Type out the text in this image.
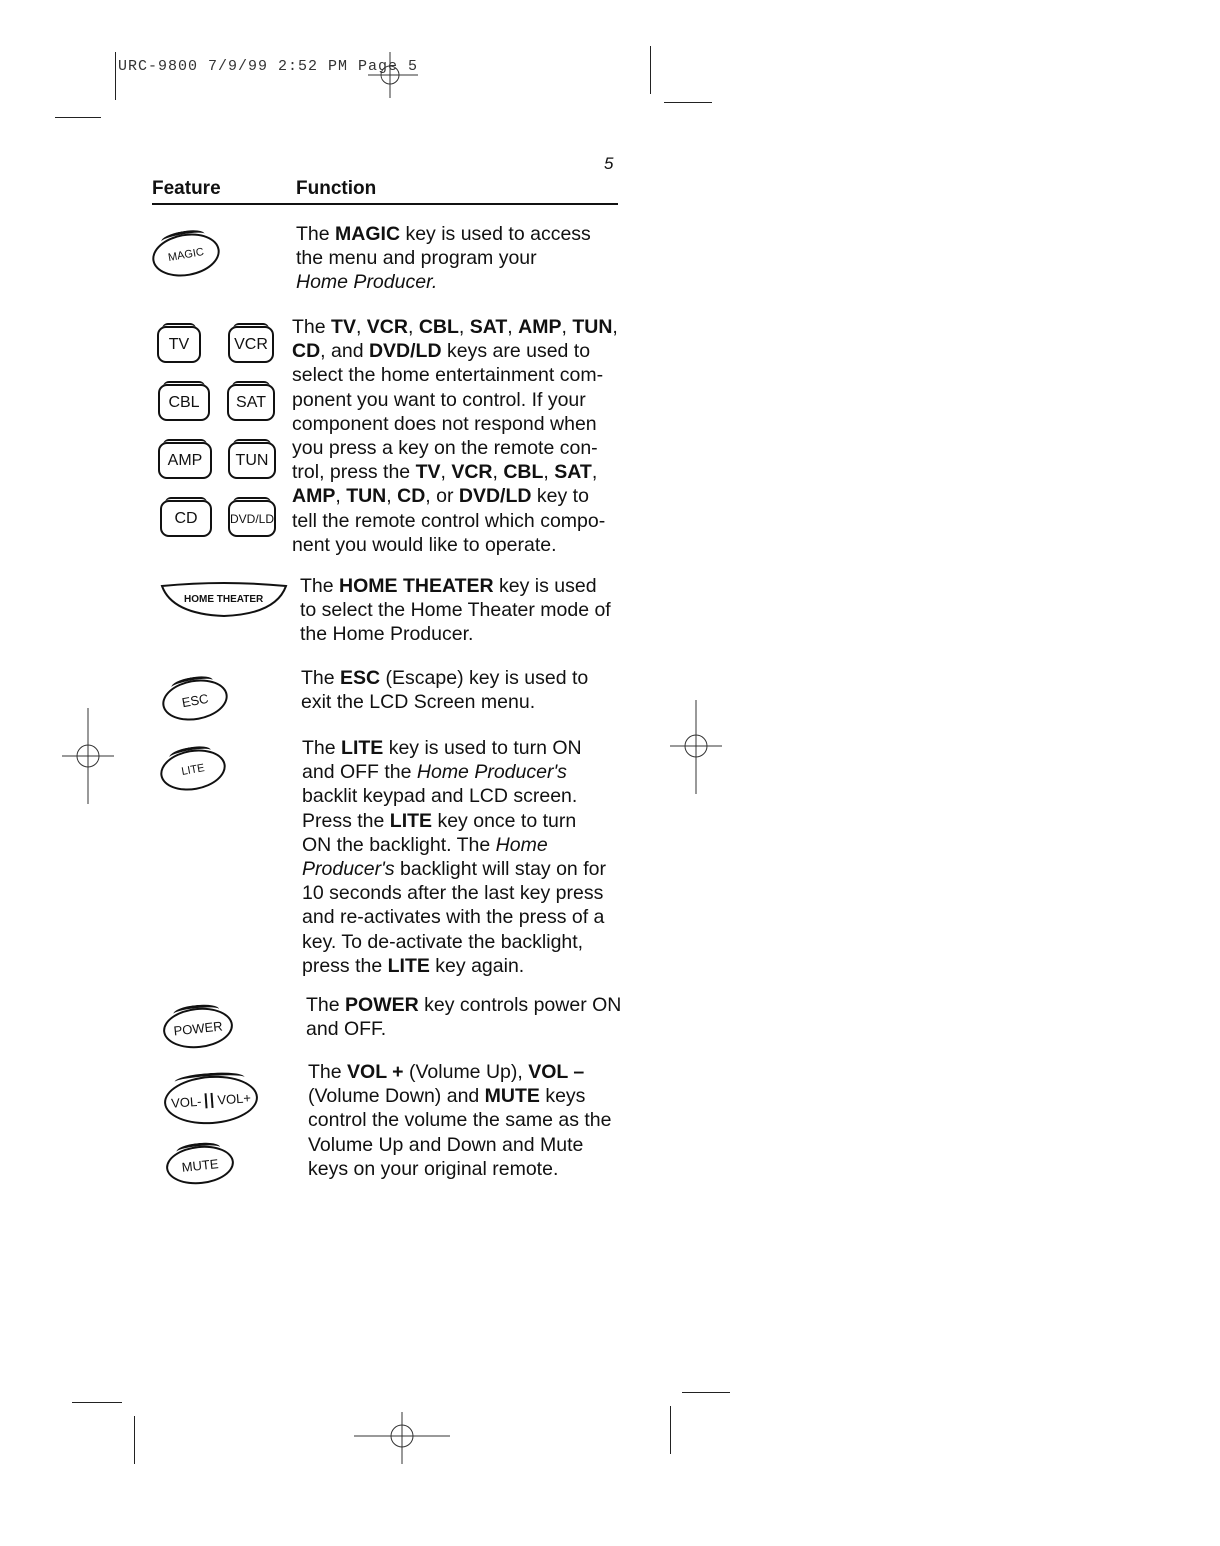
URC-9800 7/9/99 2:52 PM Page 5
5
Feature	Function
MAGIC
The MAGIC key is used to access
the menu and program your
Home Producer.
TV	VCR
CBL SAT
AMP TUN
CD	DVD/LD
The TV, VCR, CBL, SAT, AMP, TUN,
CD, and DVD/LD keys are used to
select the home entertainment com-
ponent you want to control. If your
component does not respond when
you press a key on the remote con-
trol, press the TV, VCR, CBL, SAT,
AMP, TUN, CD, or DVD/LD key to
tell the remote control which compo-
nent you would like to operate.
HOME THEATER
The HOME THEATER key is used
to select the Home Theater mode of
the Home Producer.
ESC
The ESC (Escape) key is used to
exit the LCD Screen menu.
LITE
The LITE key is used to turn ON
and OFF the Home Producer's
backlit keypad and LCD screen.
Press the LITE key once to turn
ON the backlight. The Home
Producer's backlight will stay on for
10 seconds after the last key press
and re-activates with the press of a
key. To de-activate the backlight,
press the LITE key again.
POWER
The POWER key controls power ON
and OFF.
VOL-	VOL+
MUTE
The VOL + (Volume Up), VOL –
(Volume Down) and MUTE keys
control the volume the same as the
Volume Up and Down and Mute
keys on your original remote.
